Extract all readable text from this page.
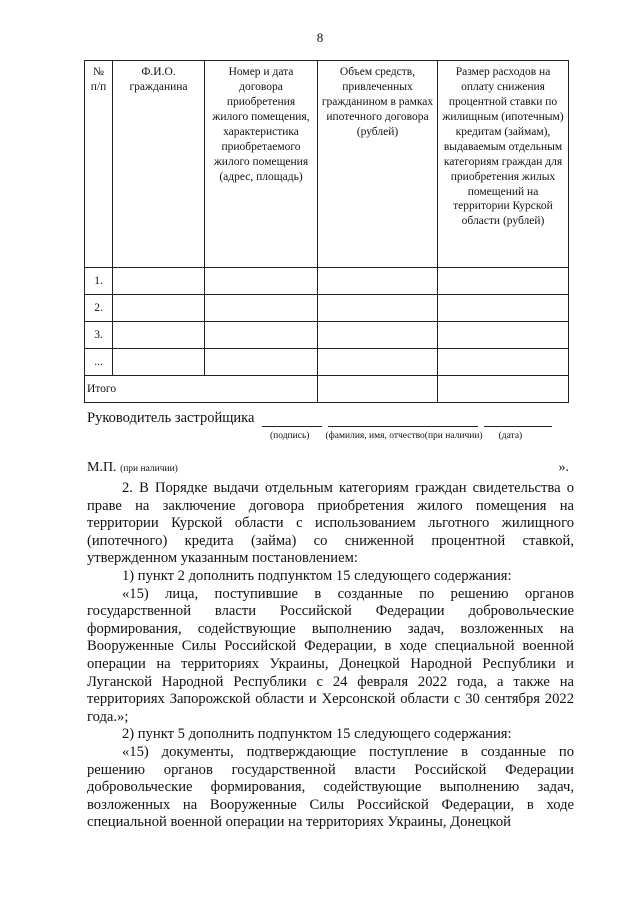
8
№ п/п	Ф.И.О. гражданина	Номер и дата договора приобретения жилого помещения, характеристика приобретаемого жилого помещения (адрес, площадь)	Объем средств, привлеченных гражданином в рамках ипотечного договора (рублей)	Размер расходов на оплату снижения процентной ставки по жилищным (ипотечным) кредитам (займам), выдаваемым отдельным категориям граждан для приобретения жилых помещений на территории Курской области (рублей)
1.				
2.				
3.				
...				
Итого				
Руководитель застройщика
(подпись) (фамилия, имя, отчество(при наличии) (дата)
М.П. (при наличии)	».

2. В Порядке выдачи отдельным категориям граждан свидетельства о праве на заключение договора приобретения жилого помещения на территории Курской области с использованием льготного жилищного (ипотечного) кредита (займа) со сниженной процентной ставкой, утвержденном указанным постановлением:

1) пункт 2 дополнить подпунктом 15 следующего содержания:

«15) лица, поступившие в созданные по решению органов государственной власти Российской Федерации добровольческие формирования, содействующие выполнению задач, возложенных на Вооруженные Силы Российской Федерации, в ходе специальной военной операции на территориях Украины, Донецкой Народной Республики и Луганской Народной Республики с 24 февраля 2022 года, а также на территориях Запорожской области и Херсонской области с 30 сентября 2022 года.»;

2) пункт 5 дополнить подпунктом 15 следующего содержания:

«15) документы, подтверждающие поступление в созданные по решению органов государственной власти Российской Федерации добровольческие формирования, содействующие выполнению задач, возложенных на Вооруженные Силы Российской Федерации, в ходе специальной военной операции на территориях Украины, Донецкой
